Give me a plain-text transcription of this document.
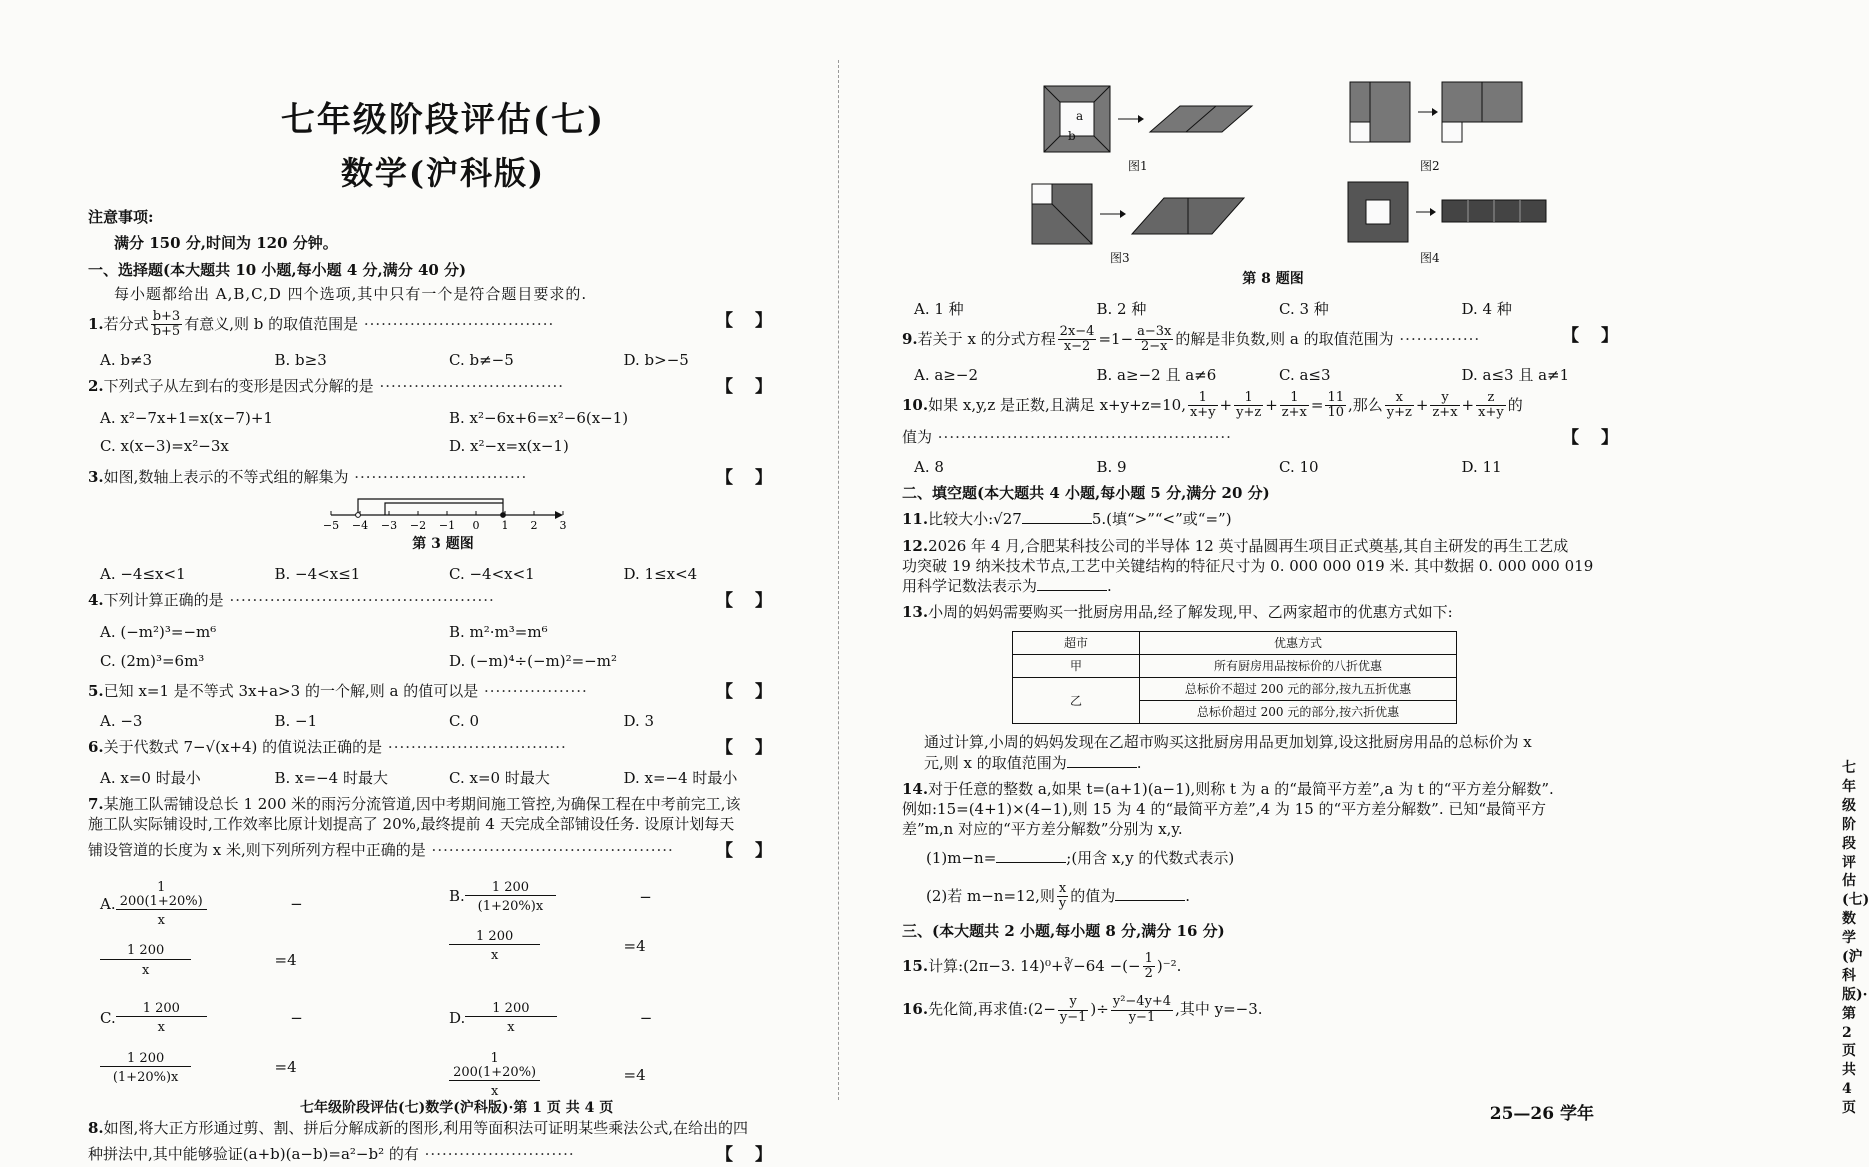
七年级阶段评估(七)
数学(沪科版)
注意事项:
满分 150 分,时间为 120 分钟。
一、选择题(本大题共 10 小题,每小题 4 分,满分 40 分)
每小题都给出 A,B,C,D 四个选项,其中只有一个是符合题目要求的.
1.若分式 $\frac{b+3}{b+5}$ 有意义,则 b 的取值范围是 ·································	【】
A. b≠3	B. b≥3	C. b≠−5	D. b>−5
2.下列式子从左到右的变形是因式分解的是 ································	【】
A. x²−7x+1=x(x−7)+1	B. x²−6x+6=x²−6(x−1)
C. x(x−3)=x²−3x	D. x²−x=x(x−1)
3.如图,数轴上表示的不等式组的解集为 ······························	【】
−5 −4 −3 −2 −1 0 1 2 3
第 3 题图
A. −4≤x<1	B. −4<x≤1	C. −4<x<1	D. 1≤x<4
4.下列计算正确的是 ··············································	【】
A. (−m²)³=−m⁶	B. m²·m³=m⁶
C. (2m)³=6m³	D. (−m)⁴÷(−m)²=−m²
5.已知 x=1 是不等式 3x+a>3 的一个解,则 a 的值可以是 ··················	【】
A. −3	B. −1	C. 0	D. 3
6.关于代数式 7−√(x+4) 的值说法正确的是 ·······························	【】
A. x=0 时最小	B. x=−4 时最大	C. x=0 时最大	D. x=−4 时最小
7.某施工队需铺设总长 1 200 米的雨污分流管道,因中考期间施工管控,为确保工程在中考前完工,该
施工队实际铺设时,工作效率比原计划提高了 20%,最终提前 4 天完成全部铺设任务. 设原计划每天
铺设管道的长度为 x 米,则下列所列方程中正确的是 ·········································· 【】
A. $\frac{1 200(1+20\%)}{x}$ −
$\frac{1 200}{x} =4$
B. $\frac{1 200}{(1+20\%)x}$ −
$\frac{1 200}{x} =4$
C. $\frac{1 200}{x}$ −
$\frac{1 200}{(1+20\%)x} =4$
D. $\frac{1 200}{x}$ −
$\frac{1 200(1+20\%)}{x} =4$
8.如图,将大正方形通过剪、割、拼后分解成新的图形,利用等面积法可证明某些乘法公式,在给出的四
种拼法中,其中能够验证(a+b)(a−b)=a²−b² 的有 ··························	【】
七年级阶段评估(七)数学(沪科版)·第 1 页 共 4 页
图1	图2
图3	图4
a
b
第 8 题图
A. 1 种	B. 2 种	C. 3 种	D. 4 种
9.若关于 x 的分式方程 $\frac{2x-4}{x-2} =1- \frac{a-3x}{2-x}$ 的解是非负数,则 a 的取值范围为 ··············	【】
A. a≥−2	B. a≥−2 且 a≠6	C. a≤3	D. a≤3 且 a≠1
10.如果 x,y,z 是正数,且满足 x+y+z=10, $\frac{1}{x+y} + \frac{1}{y+z} + \frac{1}{z+x} = \frac{11}{10}$ ,那么 $\frac{x}{y+z} + \frac{y}{z+x} + \frac{z}{x+y}$ 的
值为 ···················································	【】
A. 8	B. 9	C. 10	D. 11
二、填空题(本大题共 4 小题,每小题 5 分,满分 20 分)
11.比较大小:√27	5.(填“>”“<”或“=”)
12.2026 年 4 月,合肥某科技公司的半导体 12 英寸晶圆再生项目正式奠基,其自主研发的再生工艺成
功突破 19 纳米技术节点,工艺中关键结构的特征尺寸为 0. 000 000 019 米. 其中数据 0. 000 000 019
用科学记数法表示为	.
13.小周的妈妈需要购买一批厨房用品,经了解发现,甲、乙两家超市的优惠方式如下:
超市	优惠方式
甲	所有厨房用品按标价的八折优惠
乙	总标价不超过 200 元的部分,按九五折优惠
	总标价超过 200 元的部分,按六折优惠
通过计算,小周的妈妈发现在乙超市购买这批厨房用品更加划算,设这批厨房用品的总标价为 x
元,则 x 的取值范围为	.
14.对于任意的整数 a,如果 t=(a+1)(a−1),则称 t 为 a 的“最简平方差”,a 为 t 的“平方差分解数”.
例如:15=(4+1)×(4−1),则 15 为 4 的“最简平方差”,4 为 15 的“平方差分解数”. 已知“最简平方
差”m,n 对应的“平方差分解数”分别为 x,y.
(1)m−n=	;(用含 x,y 的代数式表示)
(2)若 m−n=12,则 $\frac{x}{y}$ 的值为	.
三、(本大题共 2 小题,每小题 8 分,满分 16 分)
15.计算:(2π−3. 14)⁰+∛−64 −(− $\frac{1}{2} )^{-2}$.
16.先化简,再求值:(2− $\frac{y}{y-1}$ )÷ $\frac{\text{y²−4y+4}}{y-1}$ ,其中 y=−3.
七年级阶段评估(七)数学(沪科版)·第 2 页 共 4 页
25—26 学年
